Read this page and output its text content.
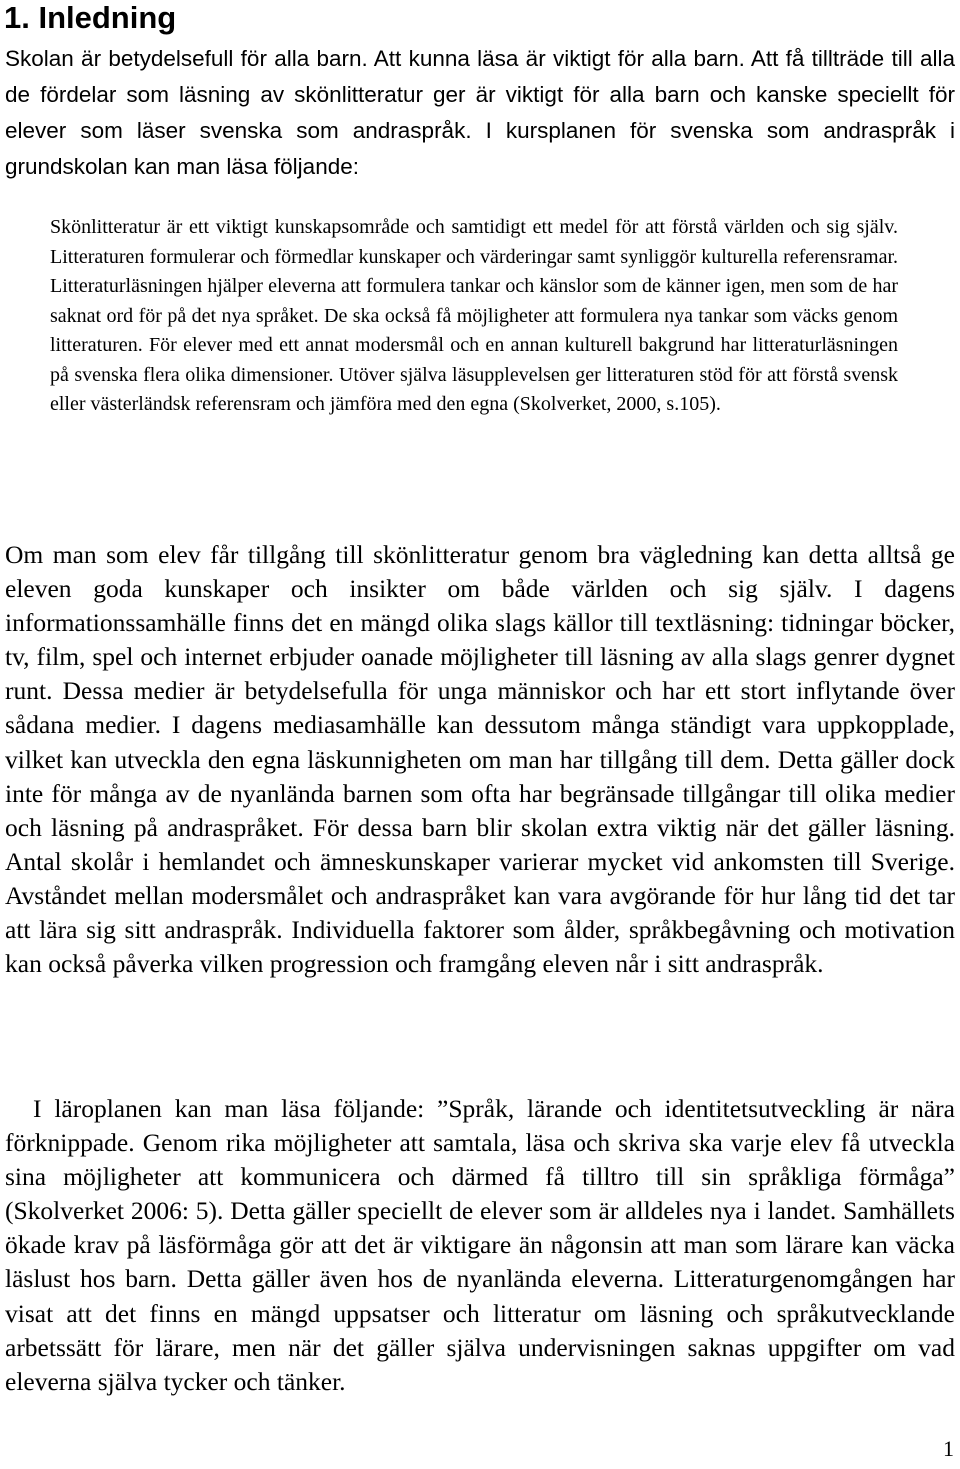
1. Inledning

Skolan är betydelsefull för alla barn. Att kunna läsa är viktigt för alla barn. Att få tillträde till alla de fördelar som läsning av skönlitteratur ger är viktigt för alla barn och kanske speciellt för elever som läser svenska som andraspråk. I kursplanen för svenska som andraspråk i grundskolan kan man läsa följande:

Skönlitteratur är ett viktigt kunskapsområde och samtidigt ett medel för att förstå världen och sig själv. Litteraturen formulerar och förmedlar kunskaper och värderingar samt synliggör kulturella referensramar. Litteraturläsningen hjälper eleverna att formulera tankar och känslor som de känner igen, men som de har saknat ord för på det nya språket. De ska också få möjligheter att formulera nya tankar som väcks genom litteraturen. För elever med ett annat modersmål och en annan kulturell bakgrund har litteraturläsningen på svenska flera olika dimensioner. Utöver själva läsupplevelsen ger litteraturen stöd för att förstå svensk eller västerländsk referensram och jämföra med den egna (Skolverket, 2000, s.105).

Om man som elev får tillgång till skönlitteratur genom bra vägledning kan detta alltså ge eleven goda kunskaper och insikter om både världen och sig själv. I dagens informationssamhälle finns det en mängd olika slags källor till textläsning: tidningar böcker, tv, film, spel och internet erbjuder oanade möjligheter till läsning av alla slags genrer dygnet runt. Dessa medier är betydelsefulla för unga människor och har ett stort inflytande över sådana medier. I dagens mediasamhälle kan dessutom många ständigt vara uppkopplade, vilket kan utveckla den egna läskunnigheten om man har tillgång till dem. Detta gäller dock inte för många av de nyanlända barnen som ofta har begränsade tillgångar till olika medier och läsning på andraspråket. För dessa barn blir skolan extra viktig när det gäller läsning. Antal skolår i hemlandet och ämneskunskaper varierar mycket vid ankomsten till Sverige. Avståndet mellan modersmålet och andraspråket kan vara avgörande för hur lång tid det tar att lära sig sitt andraspråk. Individuella faktorer som ålder, språkbegåvning och motivation kan också påverka vilken progression och framgång eleven når i sitt andraspråk.

I läroplanen kan man läsa följande: ”Språk, lärande och identitetsutveckling är nära förknippade. Genom rika möjligheter att samtala, läsa och skriva ska varje elev få utveckla sina möjligheter att kommunicera och därmed få tilltro till sin språkliga förmåga” (Skolverket 2006: 5). Detta gäller speciellt de elever som är alldeles nya i landet. Samhällets ökade krav på läsförmåga gör att det är viktigare än någonsin att man som lärare kan väcka läslust hos barn. Detta gäller även hos de nyanlända eleverna. Litteraturgenomgången har visat att det finns en mängd uppsatser och litteratur om läsning och språkutvecklande arbetssätt för lärare, men när det gäller själva undervisningen saknas uppgifter om vad eleverna själva tycker och tänker.

1
